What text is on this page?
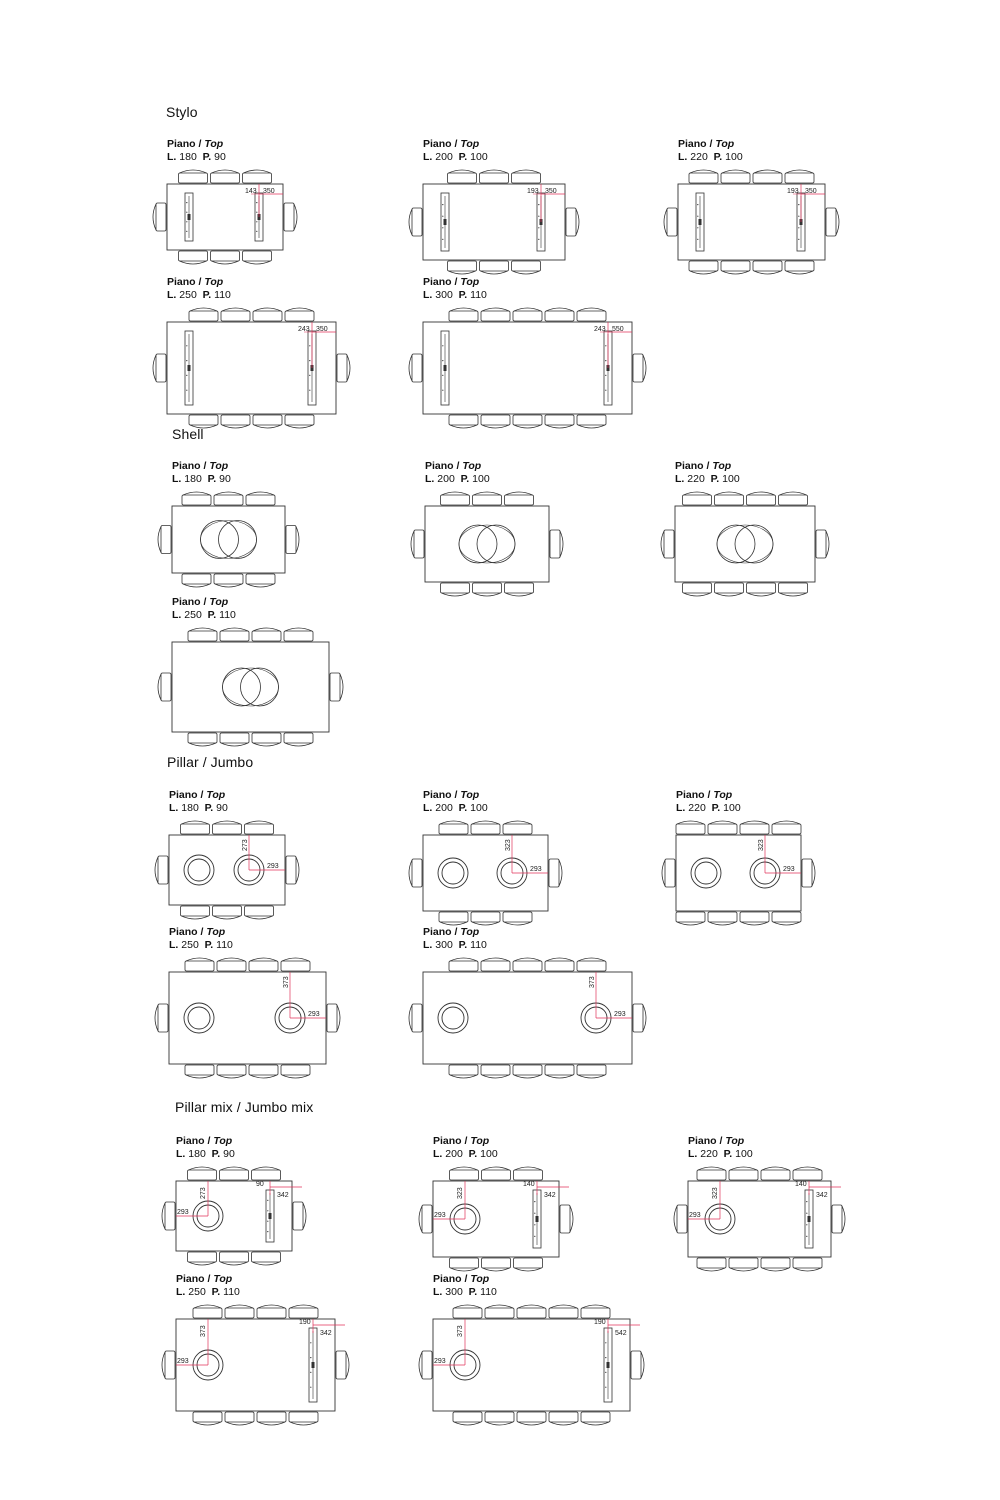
Stylo
Piano / Top
L. 180 P. 90
143 350
Piano / Top
L. 200 P. 100
193 350
Piano / Top
L. 220 P. 100
193 350
Piano / Top
L. 250 P. 110
243 350
Piano / Top
L. 300 P. 110
243 550
Shell
Piano / Top
L. 180 P. 90
Piano / Top
L. 200 P. 100
Piano / Top
L. 220 P. 100
Piano / Top
L. 250 P. 110
Pillar / Jumbo
Piano / Top
L. 180 P. 90
273
293
Piano / Top
L. 200 P. 100
323
293
Piano / Top
L. 220 P. 100
323
293
Piano / Top
L. 250 P. 110
373
293
Piano / Top
L. 300 P. 110
373
293
Pillar mix / Jumbo mix
Piano / Top
L. 180 P. 90
273
293
90
342
Piano / Top
L. 200 P. 100
323
293
140
342
Piano / Top
L. 220 P. 100
323
293
140
342
Piano / Top
L. 250 P. 110
373
293
190
342
Piano / Top
L. 300 P. 110
373
293
190
542
